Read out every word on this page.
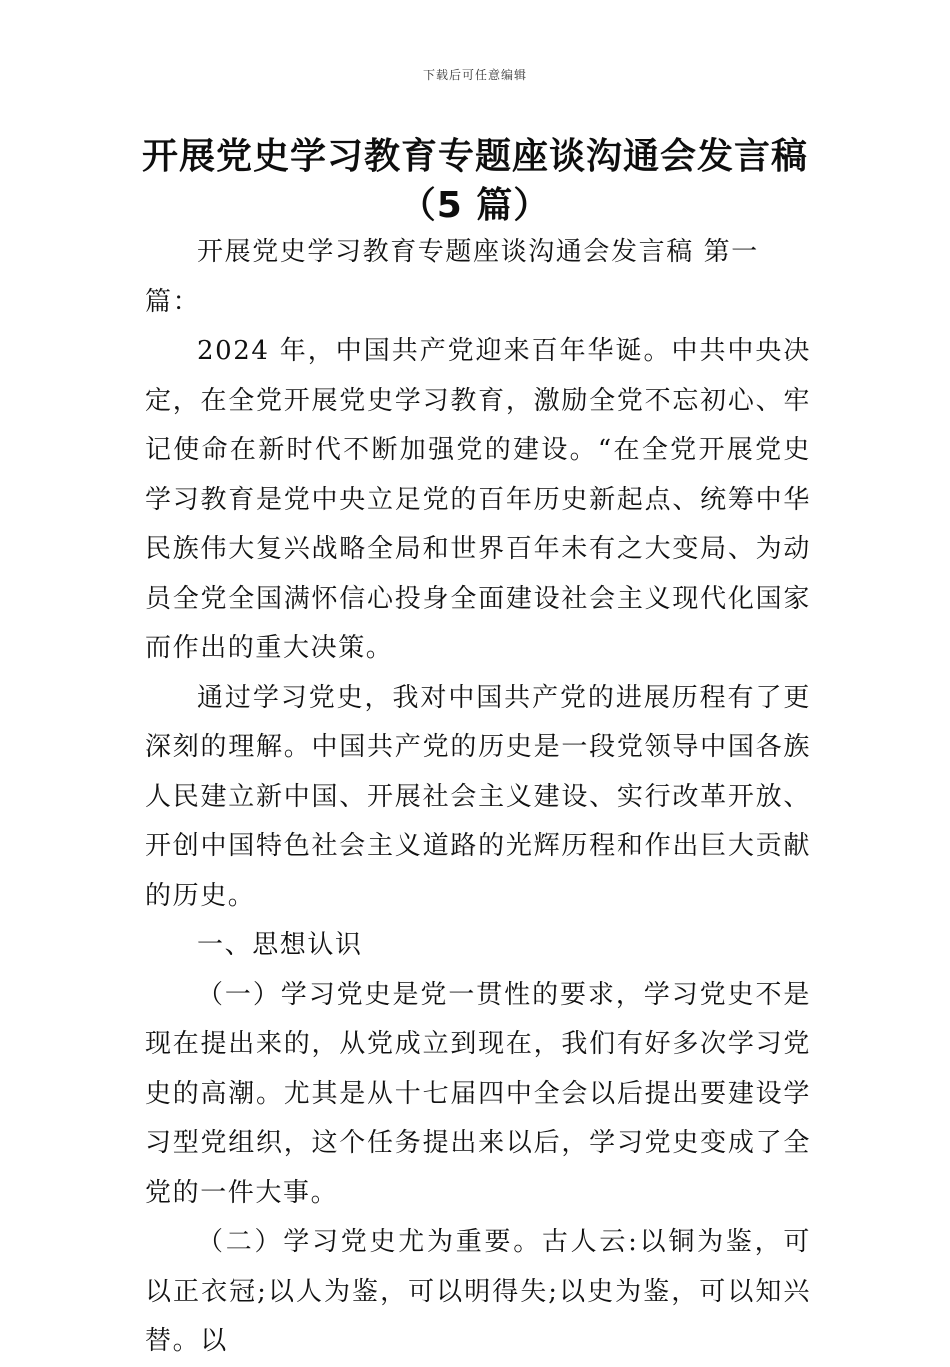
下载后可任意编辑
开展党史学习教育专题座谈沟通会发言稿
（5 篇）

开展党史学习教育专题座谈沟通会发言稿 第一篇：

2024 年，中国共产党迎来百年华诞。中共中央决定，在全党开展党史学习教育，激励全党不忘初心、牢记使命在新时代不断加强党的建设。“在全党开展党史学习教育是党中央立足党的百年历史新起点、统筹中华民族伟大复兴战略全局和世界百年未有之大变局、为动员全党全国满怀信心投身全面建设社会主义现代化国家而作出的重大决策。

通过学习党史，我对中国共产党的进展历程有了更深刻的理解。中国共产党的历史是一段党领导中国各族人民建立新中国、开展社会主义建设、实行改革开放、开创中国特色社会主义道路的光辉历程和作出巨大贡献的历史。

一、思想认识

（一）学习党史是党一贯性的要求，学习党史不是现在提出来的，从党成立到现在，我们有好多次学习党史的高潮。尤其是从十七届四中全会以后提出要建设学习型党组织，这个任务提出来以后，学习党史变成了全党的一件大事。

（二）学习党史尤为重要。古人云:以铜为鉴，可以正衣冠;以人为鉴，可以明得失;以史为鉴，可以知兴替。以
